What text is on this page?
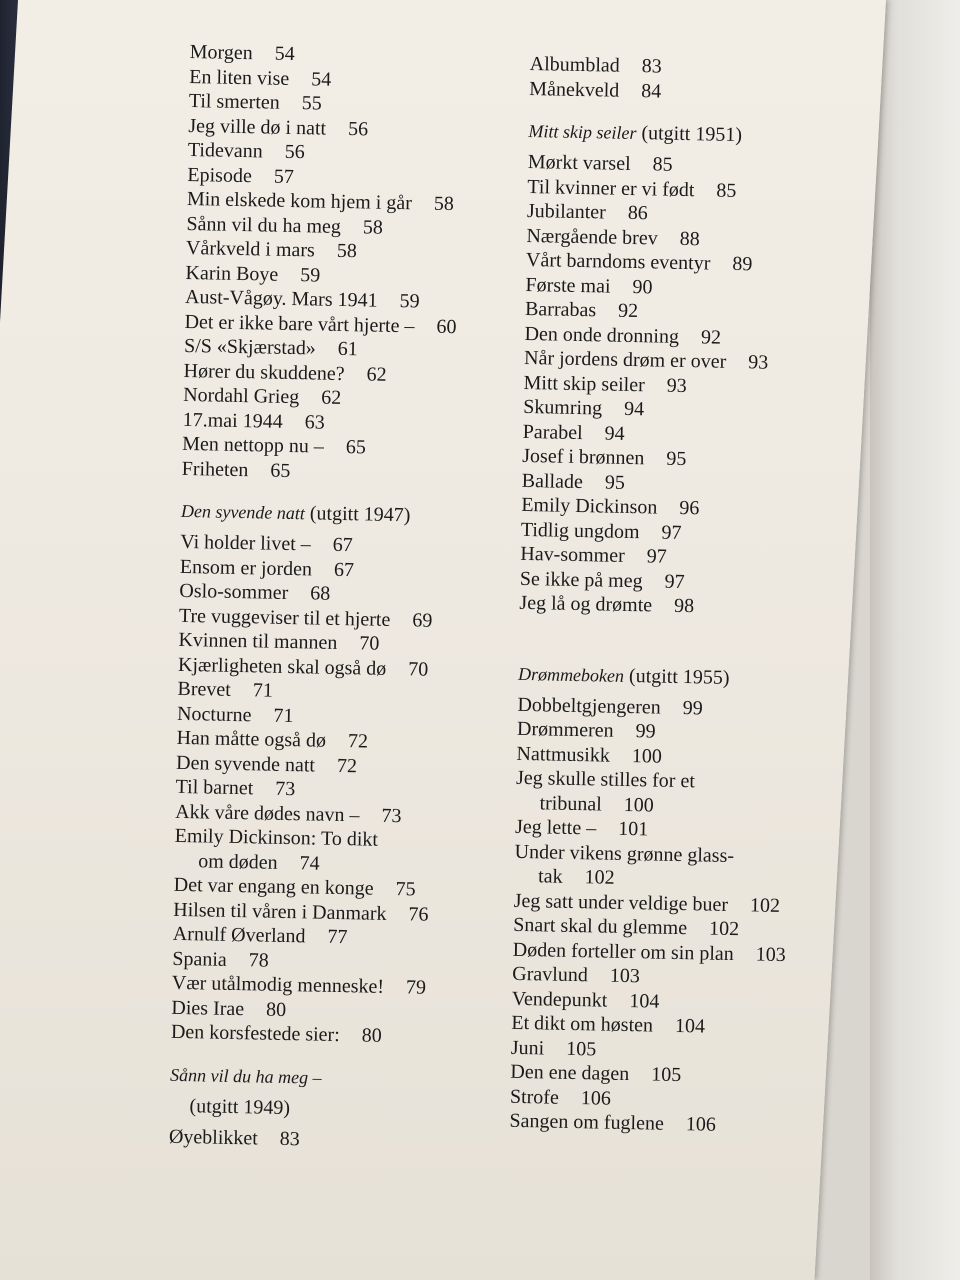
Morgen 54
En liten vise 54
Til smerten 55
Jeg ville dø i natt 56
Tidevann 56
Episode 57
Min elskede kom hjem i går 58
Sånn vil du ha meg 58
Vårkveld i mars 58
Karin Boye 59
Aust-Vågøy. Mars 1941 59
Det er ikke bare vårt hjerte – 60
S/S «Skjærstad» 61
Hører du skuddene? 62
Nordahl Grieg 62
17.mai 1944 63
Men nettopp nu – 65
Friheten 65
Den syvende natt (utgitt 1947)
Vi holder livet – 67
Ensom er jorden 67
Oslo-sommer 68
Tre vuggeviser til et hjerte 69
Kvinnen til mannen 70
Kjærligheten skal også dø 70
Brevet 71
Nocturne 71
Han måtte også dø 72
Den syvende natt 72
Til barnet 73
Akk våre dødes navn – 73
Emily Dickinson: To dikt
om døden 74
Det var engang en konge 75
Hilsen til våren i Danmark 76
Arnulf Øverland 77
Spania 78
Vær utålmodig menneske! 79
Dies Irae 80
Den korsfestede sier: 80
Sånn vil du ha meg –
(utgitt 1949)
Øyeblikket 83
Albumblad 83
Månekveld 84
Mitt skip seiler (utgitt 1951)
Mørkt varsel 85
Til kvinner er vi født 85
Jubilanter 86
Nærgående brev 88
Vårt barndoms eventyr 89
Første mai 90
Barrabas 92
Den onde dronning 92
Når jordens drøm er over 93
Mitt skip seiler 93
Skumring 94
Parabel 94
Josef i brønnen 95
Ballade 95
Emily Dickinson 96
Tidlig ungdom 97
Hav-sommer 97
Se ikke på meg 97
Jeg lå og drømte 98
Drømmeboken (utgitt 1955)
Dobbeltgjengeren 99
Drømmeren 99
Nattmusikk 100
Jeg skulle stilles for et
tribunal 100
Jeg lette – 101
Under vikens grønne glass-
tak 102
Jeg satt under veldige buer 102
Snart skal du glemme 102
Døden forteller om sin plan 103
Gravlund 103
Vendepunkt 104
Et dikt om høsten 104
Juni 105
Den ene dagen 105
Strofe 106
Sangen om fuglene 106
